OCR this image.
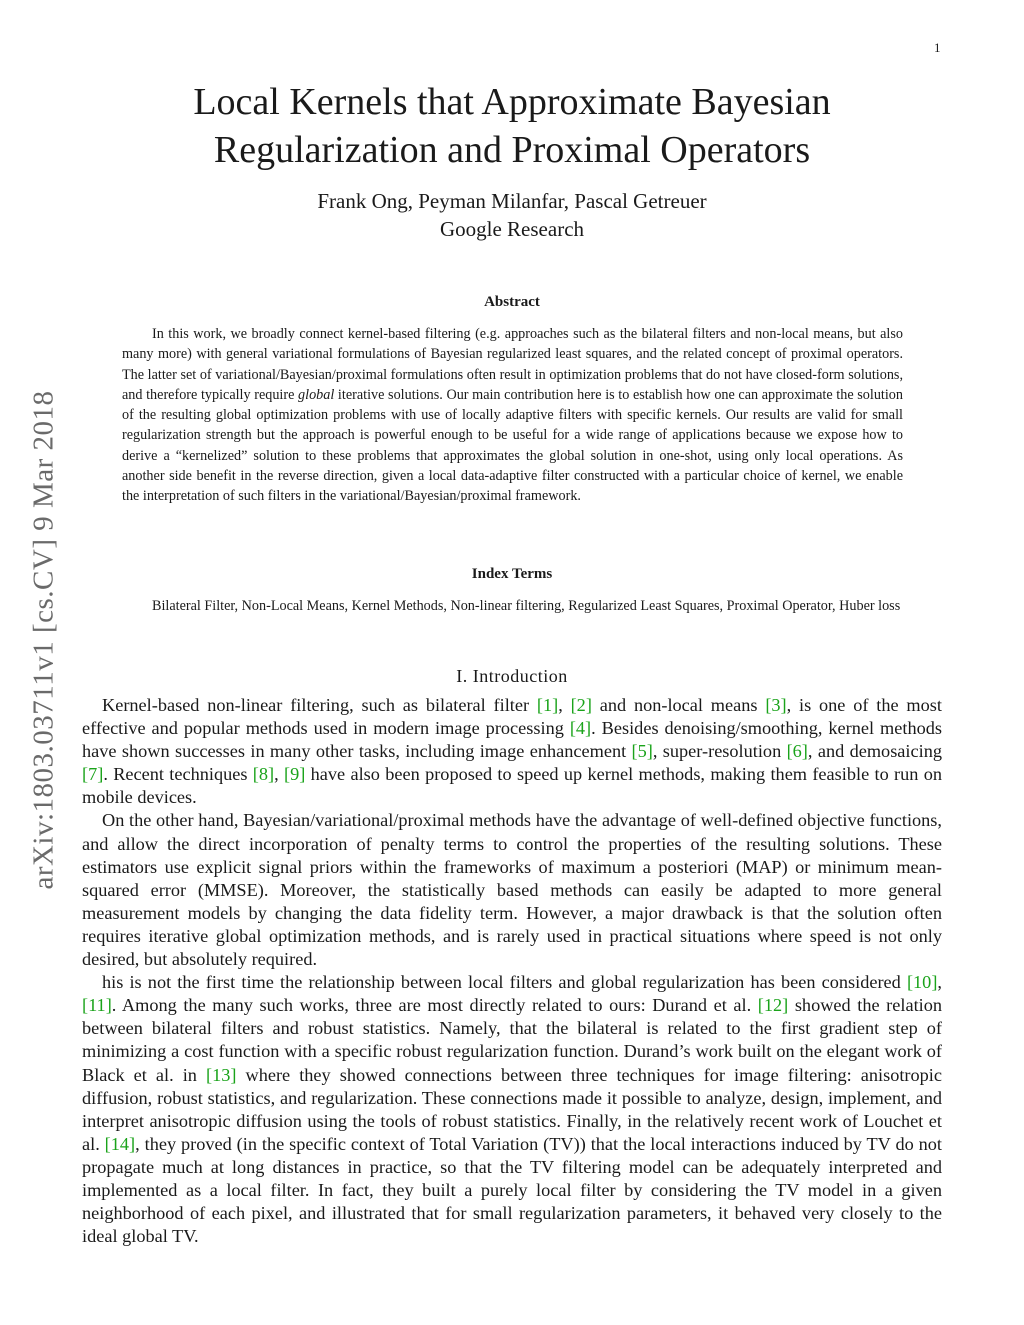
1
arXiv:1803.03711v1 [cs.CV] 9 Mar 2018
Local Kernels that Approximate Bayesian
Regularization and Proximal Operators
Frank Ong, Peyman Milanfar, Pascal Getreuer
Google Research
Abstract

In this work, we broadly connect kernel-based filtering (e.g. approaches such as the bilateral filters and non-local means, but also many more) with general variational formulations of Bayesian regularized least squares, and the related concept of proximal operators. The latter set of variational/Bayesian/proximal formulations often result in optimization problems that do not have closed-form solutions, and therefore typically require global iterative solutions. Our main contribution here is to establish how one can approximate the solution of the resulting global optimization problems with use of locally adaptive filters with specific kernels. Our results are valid for small regularization strength but the approach is powerful enough to be useful for a wide range of applications because we expose how to derive a “kernelized” solution to these problems that approximates the global solution in one-shot, using only local operations. As another side benefit in the reverse direction, given a local data-adaptive filter constructed with a particular choice of kernel, we enable the interpretation of such filters in the variational/Bayesian/proximal framework.

Index Terms

Bilateral Filter, Non-Local Means, Kernel Methods, Non-linear filtering, Regularized Least Squares, Proximal Operator, Huber loss

I. Introduction

Kernel-based non-linear filtering, such as bilateral filter [1], [2] and non-local means [3], is one of the most effective and popular methods used in modern image processing [4]. Besides denoising/smoothing, kernel methods have shown successes in many other tasks, including image enhancement [5], super-resolution [6], and demosaicing [7]. Recent techniques [8], [9] have also been proposed to speed up kernel methods, making them feasible to run on mobile devices.

On the other hand, Bayesian/variational/proximal methods have the advantage of well-defined objective functions, and allow the direct incorporation of penalty terms to control the properties of the resulting solutions. These estimators use explicit signal priors within the frameworks of maximum a posteriori (MAP) or minimum mean-squared error (MMSE). Moreover, the statistically based methods can easily be adapted to more general measurement models by changing the data fidelity term. However, a major drawback is that the solution often requires iterative global optimization methods, and is rarely used in practical situations where speed is not only desired, but absolutely required.

his is not the first time the relationship between local filters and global regularization has been considered [10], [11]. Among the many such works, three are most directly related to ours: Durand et al. [12] showed the relation between bilateral filters and robust statistics. Namely, that the bilateral is related to the first gradient step of minimizing a cost function with a specific robust regularization function. Durand’s work built on the elegant work of Black et al. in [13] where they showed connections between three techniques for image filtering: anisotropic diffusion, robust statistics, and regularization. These connections made it possible to analyze, design, implement, and interpret anisotropic diffusion using the tools of robust statistics. Finally, in the relatively recent work of Louchet et al. [14], they proved (in the specific context of Total Variation (TV)) that the local interactions induced by TV do not propagate much at long distances in practice, so that the TV filtering model can be adequately interpreted and implemented as a local filter. In fact, they built a purely local filter by considering the TV model in a given neighborhood of each pixel, and illustrated that for small regularization parameters, it behaved very closely to the ideal global TV.
